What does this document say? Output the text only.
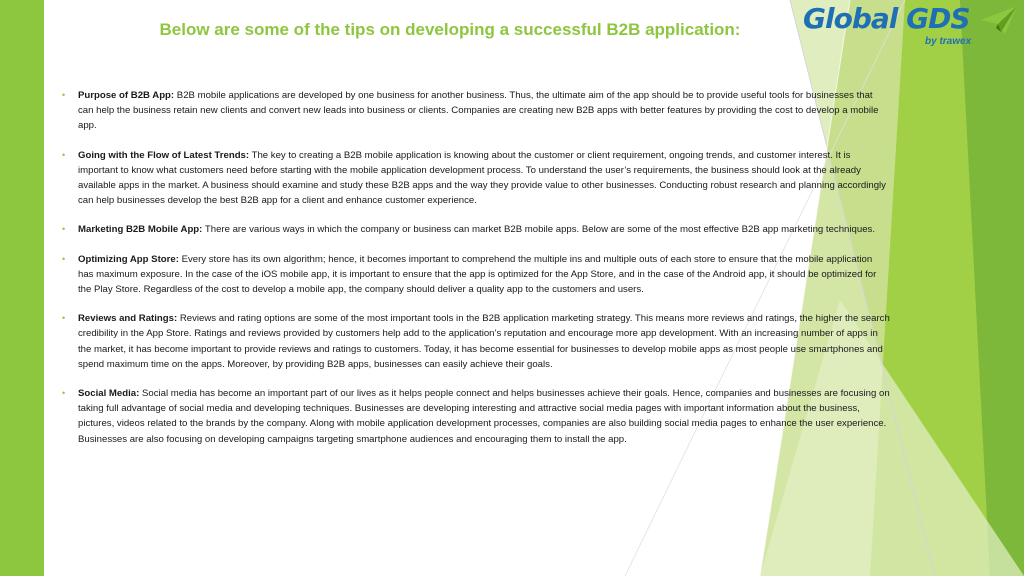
Global GDS
by trawex
Below are some of the tips on developing a successful B2B application:
• Purpose of B2B App: B2B mobile applications are developed by one business for another business. Thus, the ultimate aim of the app should be to provide useful tools for businesses that can help the business retain new clients and convert new leads into business or clients. Companies are creating new B2B apps with better features by providing the cost to develop a mobile app.
• Going with the Flow of Latest Trends: The key to creating a B2B mobile application is knowing about the customer or client requirement, ongoing trends, and customer interest. It is important to know what customers need before starting with the mobile application development process. To understand the user’s requirements, the business should look at the already available apps in the market. A business should examine and study these B2B apps and the way they provide value to other businesses. Conducting robust research and planning accordingly can help businesses develop the best B2B app for a client and enhance customer experience.
• Marketing B2B Mobile App: There are various ways in which the company or business can market B2B mobile apps. Below are some of the most effective B2B app marketing techniques.
• Optimizing App Store: Every store has its own algorithm; hence, it becomes important to comprehend the multiple ins and multiple outs of each store to ensure that the mobile application has maximum exposure. In the case of the iOS mobile app, it is important to ensure that the app is optimized for the App Store, and in the case of the Android app, it should be optimized for the Play Store. Regardless of the cost to develop a mobile app, the company should deliver a quality app to the customers and users.
• Reviews and Ratings: Reviews and rating options are some of the most important tools in the B2B application marketing strategy. This means more reviews and ratings, the higher the search credibility in the App Store. Ratings and reviews provided by customers help add to the application’s reputation and encourage more app development. With an increasing number of apps in the market, it has become important to provide reviews and ratings to customers. Today, it has become essential for businesses to develop mobile apps as most people use smartphones and spend maximum time on the apps. Moreover, by providing B2B apps, businesses can easily achieve their goals.
• Social Media: Social media has become an important part of our lives as it helps people connect and helps businesses achieve their goals. Hence, companies and businesses are focusing on taking full advantage of social media and developing techniques. Businesses are developing interesting and attractive social media pages with important information about the business, pictures, videos related to the brands by the company. Along with mobile application development processes, companies are also building social media pages to enhance the user experience. Businesses are also focusing on developing campaigns targeting smartphone audiences and encouraging them to install the app.
